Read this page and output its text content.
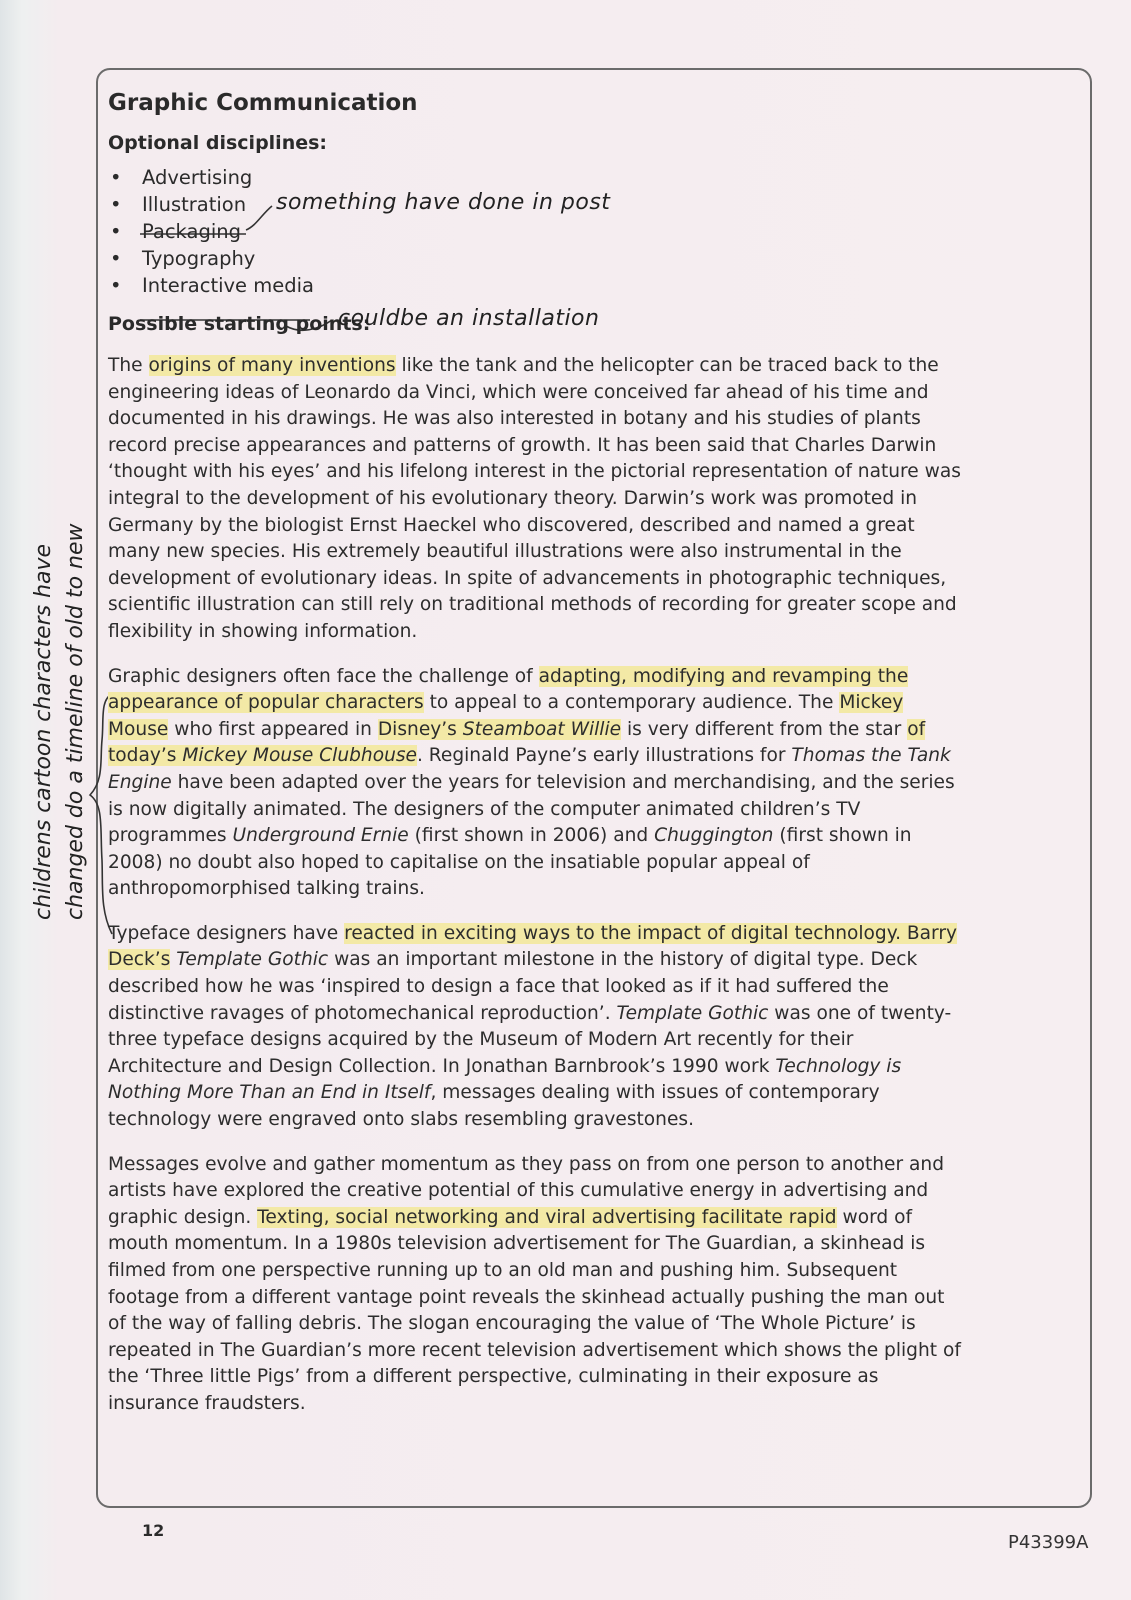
Graphic Communication
Optional disciplines:
• Advertising
• Illustration
• Packaging
• Typography
• Interactive media
Possible starting points:

The origins of many inventions like the tank and the helicopter can be traced back to the engineering ideas of Leonardo da Vinci, which were conceived far ahead of his time and documented in his drawings. He was also interested in botany and his studies of plants record precise appearances and patterns of growth. It has been said that Charles Darwin ‘thought with his eyes’ and his lifelong interest in the pictorial representation of nature was integral to the development of his evolutionary theory. Darwin’s work was promoted in Germany by the biologist Ernst Haeckel who discovered, described and named a great many new species. His extremely beautiful illustrations were also instrumental in the development of evolutionary ideas. In spite of advancements in photographic techniques, scientific illustration can still rely on traditional methods of recording for greater scope and flexibility in showing information.

Graphic designers often face the challenge of adapting, modifying and revamping the appearance of popular characters to appeal to a contemporary audience. The Mickey Mouse who first appeared in Disney’s Steamboat Willie is very different from the star of today’s Mickey Mouse Clubhouse. Reginald Payne’s early illustrations for Thomas the Tank Engine have been adapted over the years for television and merchandising, and the series is now digitally animated. The designers of the computer animated children’s TV programmes Underground Ernie (first shown in 2006) and Chuggington (first shown in 2008) no doubt also hoped to capitalise on the insatiable popular appeal of anthropomorphised talking trains.

Typeface designers have reacted in exciting ways to the impact of digital technology. Barry Deck’s Template Gothic was an important milestone in the history of digital type. Deck described how he was ‘inspired to design a face that looked as if it had suffered the distinctive ravages of photomechanical reproduction’. Template Gothic was one of twenty-three typeface designs acquired by the Museum of Modern Art recently for their Architecture and Design Collection. In Jonathan Barnbrook’s 1990 work Technology is Nothing More Than an End in Itself, messages dealing with issues of contemporary technology were engraved onto slabs resembling gravestones.

Messages evolve and gather momentum as they pass on from one person to another and artists have explored the creative potential of this cumulative energy in advertising and graphic design. Texting, social networking and viral advertising facilitate rapid word of mouth momentum. In a 1980s television advertisement for The Guardian, a skinhead is filmed from one perspective running up to an old man and pushing him. Subsequent footage from a different vantage point reveals the skinhead actually pushing the man out of the way of falling debris. The slogan encouraging the value of ‘The Whole Picture’ is repeated in The Guardian’s more recent television advertisement which shows the plight of the ‘Three little Pigs’ from a different perspective, culminating in their exposure as insurance fraudsters.

something have done in post
couldbe an installation
childrens cartoon characters have changed do a timeline of old to new
12
P43399A
